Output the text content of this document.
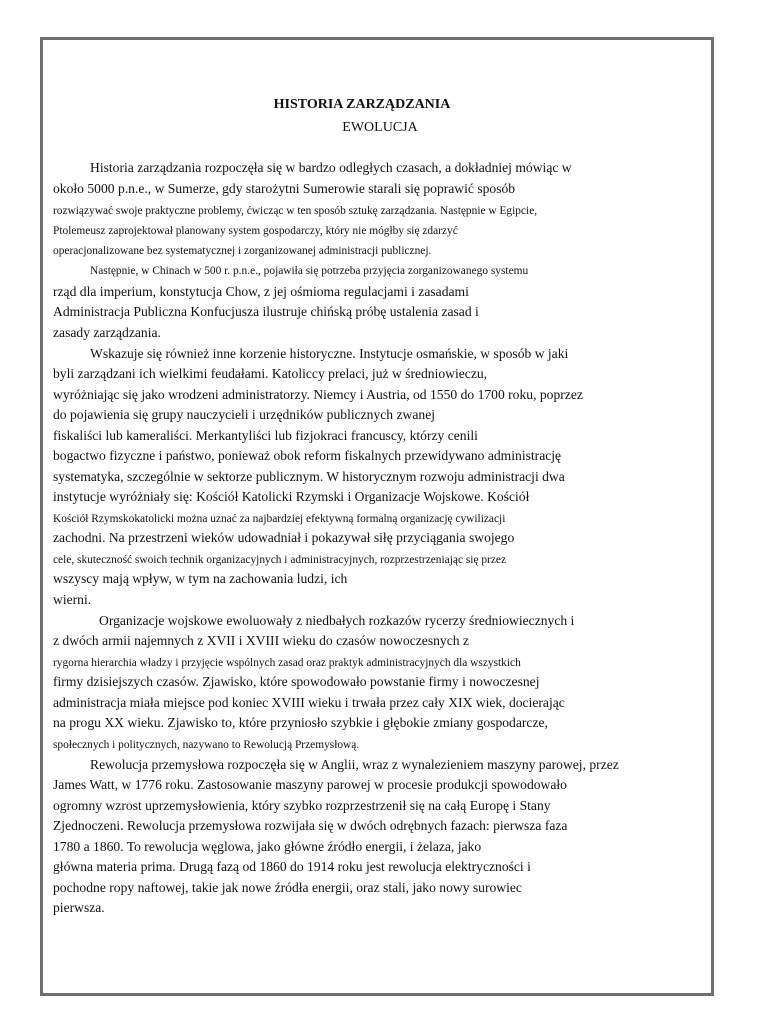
HISTORIA ZARZĄDZANIA
EWOLUCJA
Historia zarządzania rozpoczęła się w bardzo odległych czasach, a dokładniej mówiąc w
około 5000 p.n.e., w Sumerze, gdy starożytni Sumerowie starali się poprawić sposób
rozwiązywać swoje praktyczne problemy, ćwicząc w ten sposób sztukę zarządzania. Następnie w Egipcie,
Ptolemeusz zaprojektował planowany system gospodarczy, który nie mógłby się zdarzyć
operacjonalizowane bez systematycznej i zorganizowanej administracji publicznej.
Następnie, w Chinach w 500 r. p.n.e., pojawiła się potrzeba przyjęcia zorganizowanego systemu
rząd dla imperium, konstytucja Chow, z jej ośmioma regulacjami i zasadami
Administracja Publiczna Konfucjusza ilustruje chińską próbę ustalenia zasad i
zasady zarządzania.
Wskazuje się również inne korzenie historyczne. Instytucje osmańskie, w sposób w jaki
byli zarządzani ich wielkimi feudałami. Katoliccy prelaci, już w średniowieczu,
wyróżniając się jako wrodzeni administratorzy. Niemcy i Austria, od 1550 do 1700 roku, poprzez
do pojawienia się grupy nauczycieli i urzędników publicznych zwanej
fiskaliści lub kameraliści. Merkantyliści lub fizjokraci francuscy, którzy cenili
bogactwo fizyczne i państwo, ponieważ obok reform fiskalnych przewidywano administrację
systematyka, szczególnie w sektorze publicznym. W historycznym rozwoju administracji dwa
instytucje wyróżniały się: Kościół Katolicki Rzymski i Organizacje Wojskowe. Kościół
Kościół Rzymskokatolicki można uznać za najbardziej efektywną formalną organizację cywilizacji
zachodni. Na przestrzeni wieków udowadniał i pokazywał siłę przyciągania swojego
cele, skuteczność swoich technik organizacyjnych i administracyjnych, rozprzestrzeniając się przez
wszyscy mają wpływ, w tym na zachowania ludzi, ich
wierni.
Organizacje wojskowe ewoluowały z niedbałych rozkazów rycerzy średniowiecznych i
z dwóch armii najemnych z XVII i XVIII wieku do czasów nowoczesnych z
rygorna hierarchia władzy i przyjęcie wspólnych zasad oraz praktyk administracyjnych dla wszystkich
firmy dzisiejszych czasów. Zjawisko, które spowodowało powstanie firmy i nowoczesnej
administracja miała miejsce pod koniec XVIII wieku i trwała przez cały XIX wiek, docierając
na progu XX wieku. Zjawisko to, które przyniosło szybkie i głębokie zmiany gospodarcze,
społecznych i politycznych, nazywano to Rewolucją Przemysłową.
Rewolucja przemysłowa rozpoczęła się w Anglii, wraz z wynalezieniem maszyny parowej, przez
James Watt, w 1776 roku. Zastosowanie maszyny parowej w procesie produkcji spowodowało
ogromny wzrost uprzemysłowienia, który szybko rozprzestrzenił się na całą Europę i Stany
Zjednoczeni. Rewolucja przemysłowa rozwijała się w dwóch odrębnych fazach: pierwsza faza
1780 a 1860. To rewolucja węglowa, jako główne źródło energii, i żelaza, jako
główna materia prima. Drugą fazą od 1860 do 1914 roku jest rewolucja elektryczności i
pochodne ropy naftowej, takie jak nowe źródła energii, oraz stali, jako nowy surowiec
pierwsza.
